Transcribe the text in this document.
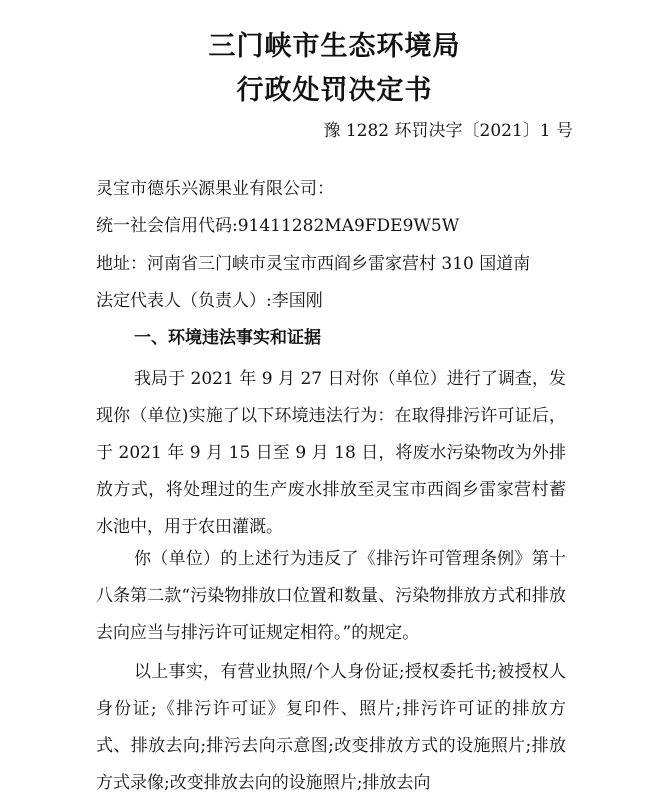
三门峡市生态环境局
行政处罚决定书
豫 1282 环罚决字〔2021〕1 号
灵宝市德乐兴源果业有限公司：
统一社会信用代码:91411282MA9FDE9W5W
地址：河南省三门峡市灵宝市西阎乡雷家营村 310 国道南
法定代表人（负责人）:李国刚
一、环境违法事实和证据
我局于 2021 年 9 月 27 日对你（单位）进行了调查，发现你（单位)实施了以下环境违法行为：在取得排污许可证后，于 2021 年 9 月 15 日至 9 月 18 日，将废水污染物改为外排放方式，将处理过的生产废水排放至灵宝市西阎乡雷家营村蓄水池中，用于农田灌溉。
你（单位）的上述行为违反了《排污许可管理条例》第十八条第二款“污染物排放口位置和数量、污染物排放方式和排放去向应当与排污许可证规定相符。”的规定。
以上事实，有营业执照/个人身份证;授权委托书;被授权人身份证;《排污许可证》复印件、照片;排污许可证的排放方式、排放去向;排污去向示意图;改变排放方式的设施照片;排放方式录像;改变排放去向的设施照片;排放去向
